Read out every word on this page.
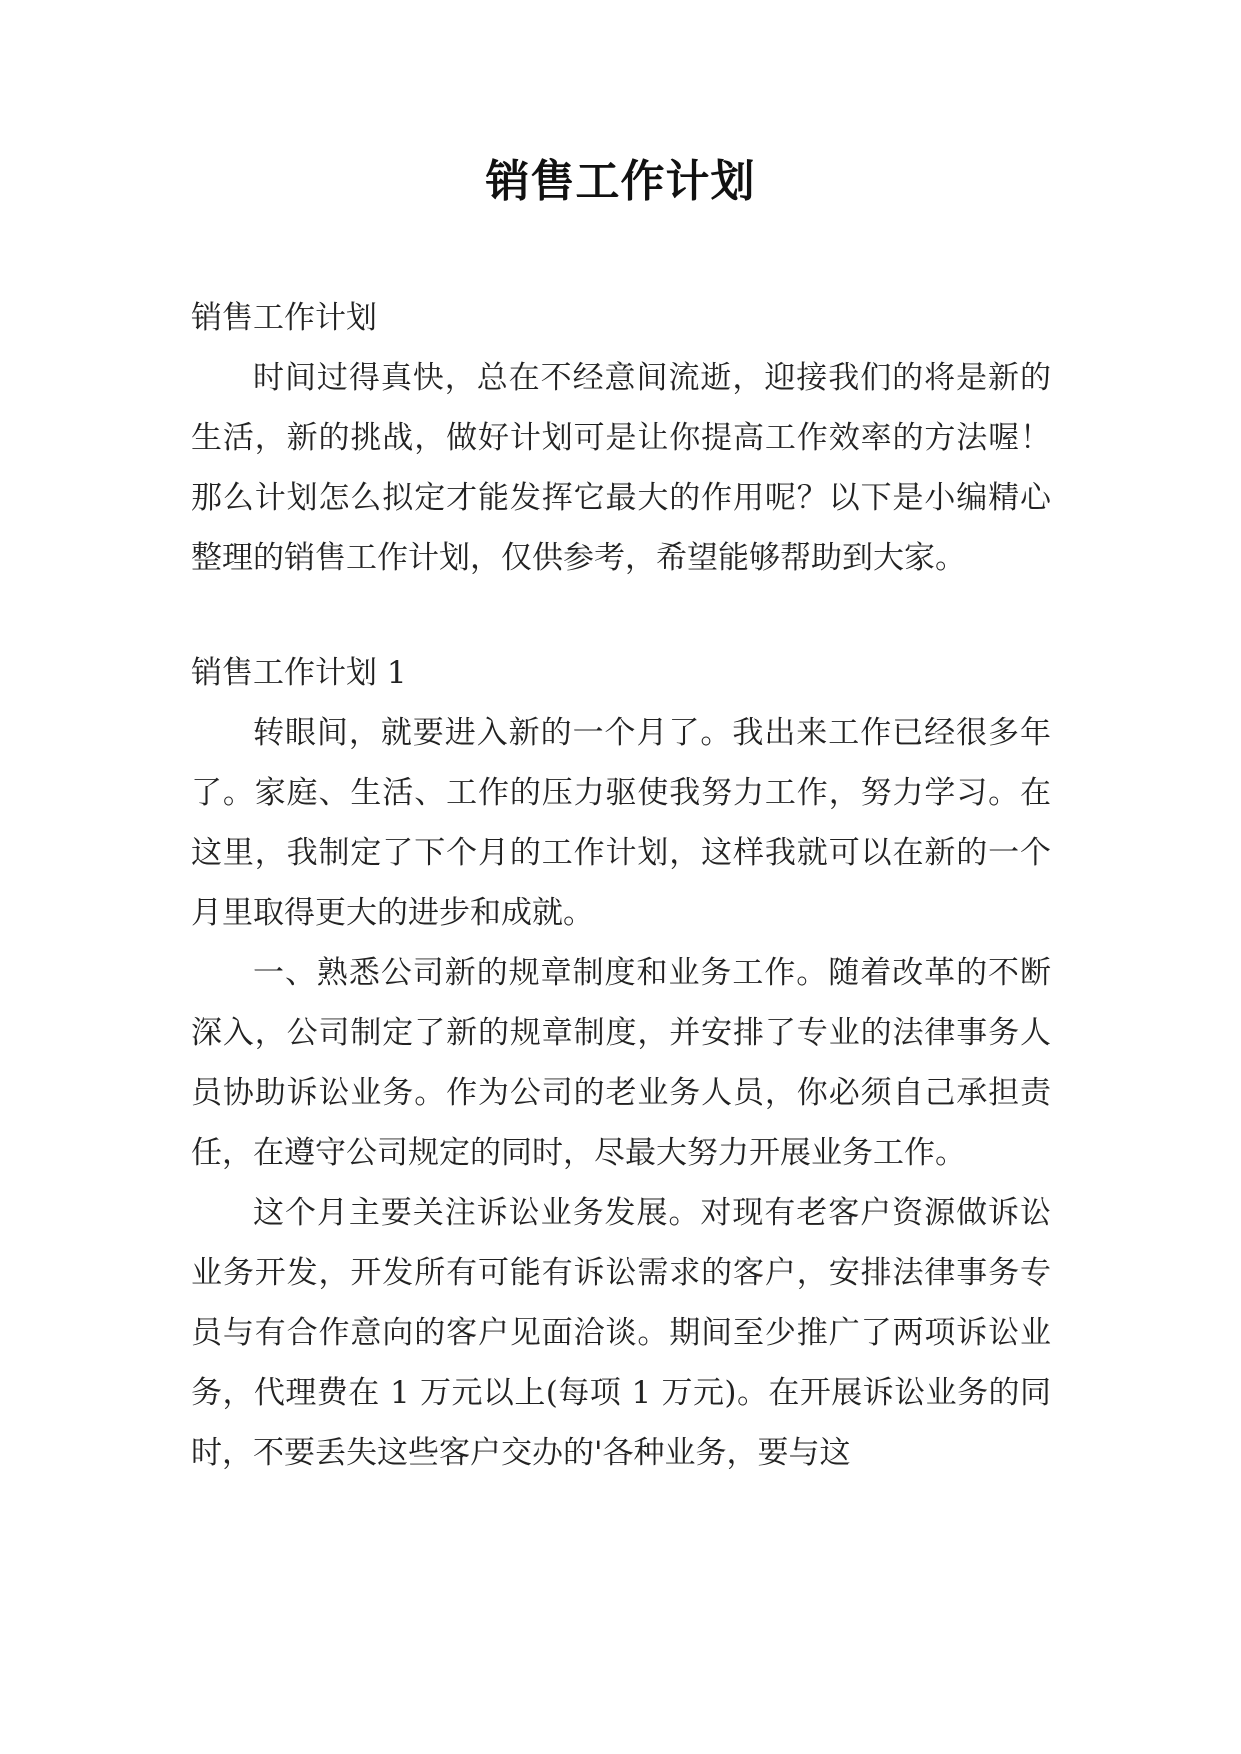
销售工作计划

销售工作计划

时间过得真快，总在不经意间流逝，迎接我们的将是新的生活，新的挑战，做好计划可是让你提高工作效率的方法喔！那么计划怎么拟定才能发挥它最大的作用呢？以下是小编精心整理的销售工作计划，仅供参考，希望能够帮助到大家。

销售工作计划 1

转眼间，就要进入新的一个月了。我出来工作已经很多年了。家庭、生活、工作的压力驱使我努力工作，努力学习。在这里，我制定了下个月的工作计划，这样我就可以在新的一个月里取得更大的进步和成就。

一、熟悉公司新的规章制度和业务工作。随着改革的不断深入，公司制定了新的规章制度，并安排了专业的法律事务人员协助诉讼业务。作为公司的老业务人员，你必须自己承担责任，在遵守公司规定的同时，尽最大努力开展业务工作。

这个月主要关注诉讼业务发展。对现有老客户资源做诉讼业务开发，开发所有可能有诉讼需求的客户，安排法律事务专员与有合作意向的客户见面洽谈。期间至少推广了两项诉讼业务，代理费在 1 万元以上(每项 1 万元)。在开展诉讼业务的同时，不要丢失这些客户交办的'各种业务，要与这
